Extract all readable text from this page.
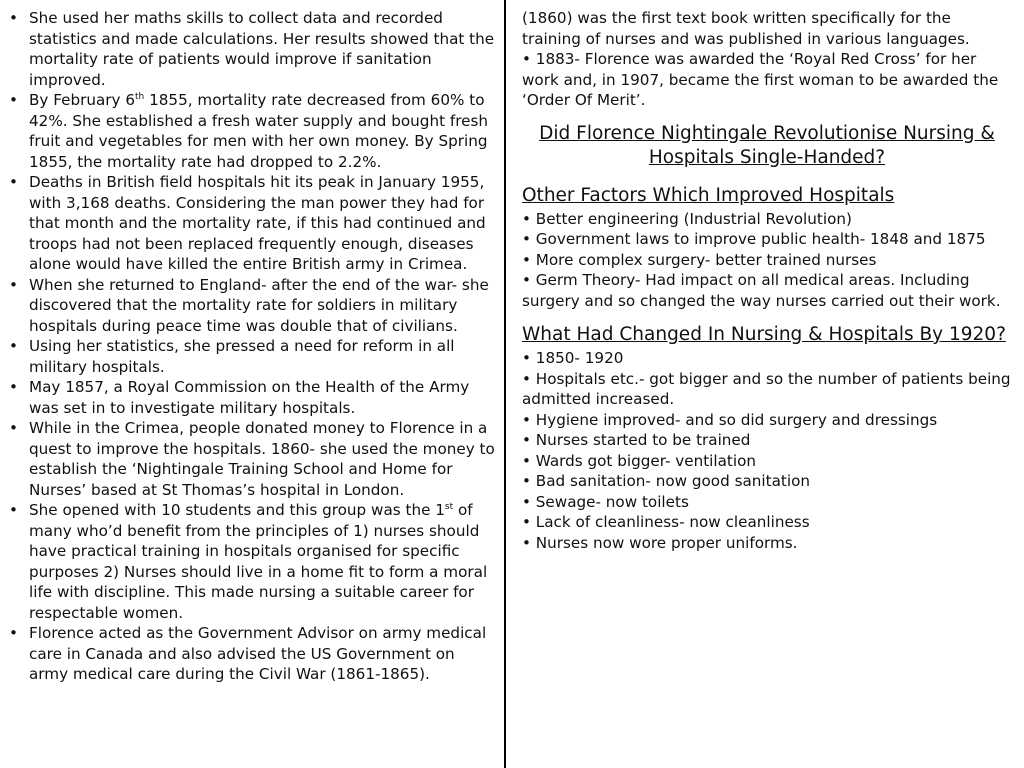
• She used her maths skills to collect data and recorded statistics and made calculations. Her results showed that the mortality rate of patients would improve if sanitation improved.
• By February 6th 1855, mortality rate decreased from 60% to 42%. She established a fresh water supply and bought fresh fruit and vegetables for men with her own money. By Spring 1855, the mortality rate had dropped to 2.2%.
• Deaths in British field hospitals hit its peak in January 1955, with 3,168 deaths. Considering the man power they had for that month and the mortality rate, if this had continued and troops had not been replaced frequently enough, diseases alone would have killed the entire British army in Crimea.
• When she returned to England- after the end of the war- she discovered that the mortality rate for soldiers in military hospitals during peace time was double that of civilians.
• Using her statistics, she pressed a need for reform in all military hospitals.
• May 1857, a Royal Commission on the Health of the Army was set in to investigate military hospitals.
• While in the Crimea, people donated money to Florence in a quest to improve the hospitals. 1860- she used the money to establish the ‘Nightingale Training School and Home for Nurses’ based at St Thomas’s hospital in London.
• She opened with 10 students and this group was the 1st of many who’d benefit from the principles of 1) nurses should have practical training in hospitals organised for specific purposes 2) Nurses should live in a home fit to form a moral life with discipline. This made nursing a suitable career for respectable women.
• Florence acted as the Government Advisor on army medical care in Canada and also advised the US Government on army medical care during the Civil War (1861-1865).

(1860) was the first text book written specifically for the training of nurses and was published in various languages.

• 1883- Florence was awarded the ‘Royal Red Cross’ for her work and, in 1907, became the first woman to be awarded the ‘Order Of Merit’.

Did Florence Nightingale Revolutionise Nursing & Hospitals Single-Handed?
Other Factors Which Improved Hospitals
• Better engineering (Industrial Revolution)
• Government laws to improve public health- 1848 and 1875
• More complex surgery- better trained nurses
• Germ Theory- Had impact on all medical areas. Including surgery and so changed the way nurses carried out their work.
What Had Changed In Nursing & Hospitals By 1920?
• 1850- 1920
• Hospitals etc.- got bigger and so the number of patients being admitted increased.
• Hygiene improved- and so did surgery and dressings
• Nurses started to be trained
• Wards got bigger- ventilation
• Bad sanitation- now good sanitation
• Sewage- now toilets
• Lack of cleanliness- now cleanliness
• Nurses now wore proper uniforms.
